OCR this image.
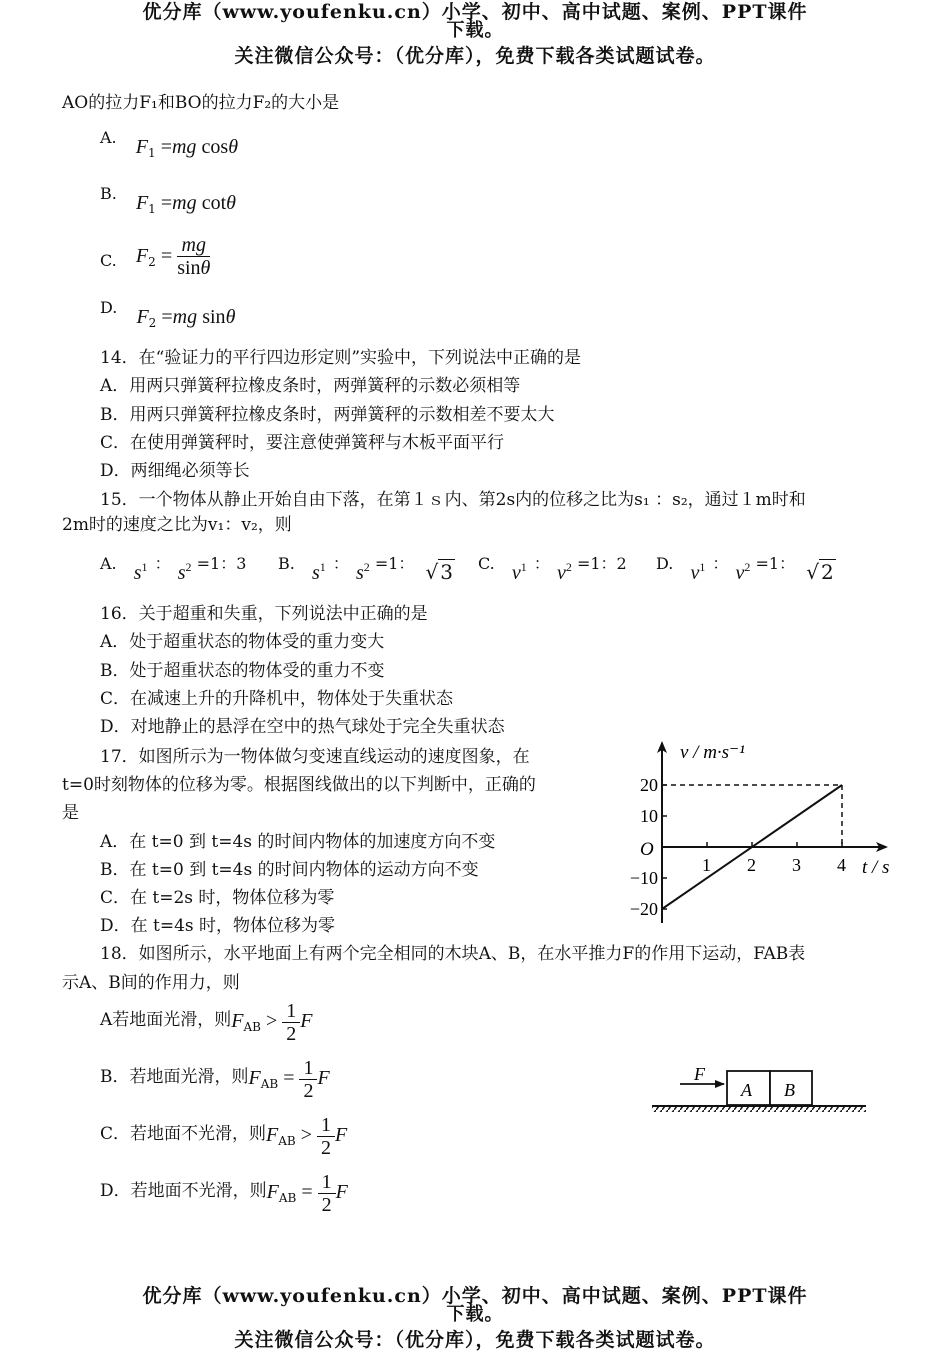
优分库（www.youfenku.cn）小学、初中、高中试题、案例、PPT课件
下载。
关注微信公众号：（优分库），免费下载各类试题试卷。
AO的拉力F₁和BO的拉力F₂的大小是
A. $F_1 =mg$ cosθ
B. $F_1 =mg$ cotθ
C. $F_2 = \frac{mg}{\sin\theta}$
D. $F_2 =mg$ sinθ
14．在“验证力的平行四边形定则”实验中，下列说法中正确的是
A．用两只弹簧秤拉橡皮条时，两弹簧秤的示数必须相等
B．用两只弹簧秤拉橡皮条时，两弹簧秤的示数相差不要太大
C．在使用弹簧秤时，要注意使弹簧秤与木板平面平行
D．两细绳必须等长
15．一个物体从静止开始自由下落，在第１ｓ内、第2s内的位移之比为s₁ ：s₂，通过１m时和
2m时的速度之比为v₁：v₂，则
A. $s^1$ ： $s^2 =1$：3 B. $s^1$ ： $s^2 =1$： √ 3 C. $v^1$ ： $v^2 =1$：2 D. $v^1$ ： $v^2 =1$： √ 2
16．关于超重和失重，下列说法中正确的是
A．处于超重状态的物体受的重力变大
B．处于超重状态的物体受的重力不变
C．在减速上升的升降机中，物体处于失重状态
D．对地静止的悬浮在空中的热气球处于完全失重状态
17．如图所示为一物体做匀变速直线运动的速度图象，在
t=0时刻物体的位移为零。根据图线做出的以下判断中，正确的
是
A．在 t=0 到 t=4s 的时间内物体的加速度方向不变
B．在 t=0 到 t=4s 的时间内物体的运动方向不变
C．在 t=2s 时，物体位移为零
D．在 t=4s 时，物体位移为零
1 2 3 4
20
10
−10
−20
v / m·s⁻¹
t / s
O
18．如图所示，水平地面上有两个完全相同的木块A、B，在水平推力F的作用下运动，FAB表
示A、B间的作用力，则
A若地面光滑，则$F_{AB} > \frac{1}{2}$ F
B．若地面光滑，则$F_{AB} = \frac{1}{2}$ F
C．若地面不光滑，则$F_{AB} > \frac{1}{2}$ F
D．若地面不光滑，则$F_{AB} = \frac{1}{2}$ F
F
A B
优分库（www.youfenku.cn）小学、初中、高中试题、案例、PPT课件
下载。
关注微信公众号：（优分库），免费下载各类试题试卷。
